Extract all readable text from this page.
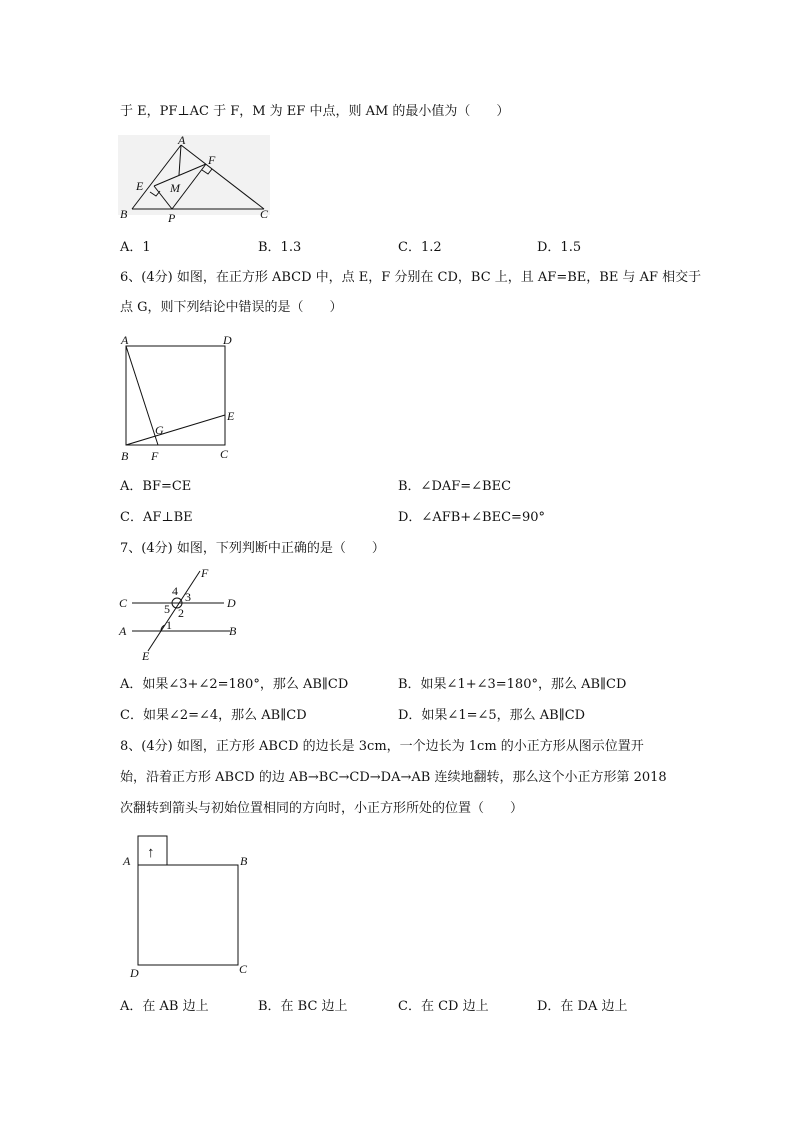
于 E，PF⊥AC 于 F，M 为 EF 中点，则 AM 的最小值为（　　）
A
F
E M
B	P	C
A．1	B．1.3	C．1.2	D．1.5
6、(4分) 如图，在正方形 ABCD 中，点 E，F 分别在 CD，BC 上，且 AF=BE，BE 与 AF 相交于
点 G，则下列结论中错误的是（　　）
A	D
E
G
B F	C
A．BF=CE	B．∠DAF=∠BEC
C．AF⊥BE	D．∠AFB+∠BEC=90°
7、(4分) 如图，下列判断中正确的是（　　）
F
C	D
A	B
E
4 3
5 2
1
A．如果∠3+∠2=180°，那么 AB∥CD	B．如果∠1+∠3=180°，那么 AB∥CD
C．如果∠2=∠4，那么 AB∥CD	D．如果∠1=∠5，那么 AB∥CD
8、(4分) 如图，正方形 ABCD 的边长是 3cm，一个边长为 1cm 的小正方形从图示位置开
始，沿着正方形 ABCD 的边 AB→BC→CD→DA→AB 连续地翻转，那么这个小正方形第 2018
次翻转到箭头与初始位置相同的方向时，小正方形所处的位置（　　）
↑
A	B
D	C
A．在 AB 边上	B．在 BC 边上	C．在 CD 边上	D．在 DA 边上
